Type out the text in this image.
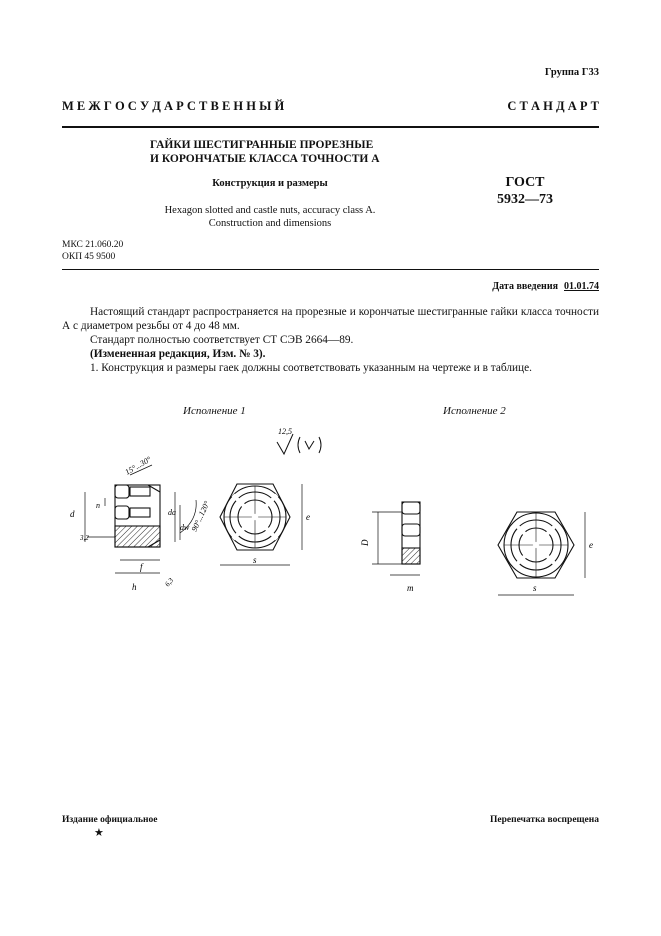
Группа Г33
М Е Ж Г О С У Д А Р С Т В Е Н Н Ы Й	С Т А Н Д А Р Т
ГАЙКИ ШЕСТИГРАННЫЕ ПРОРЕЗНЫЕ
И КОРОНЧАТЫЕ КЛАССА ТОЧНОСТИ А
Конструкция и размеры
Hexagon slotted and castle nuts, accuracy class A.
Construction and dimensions
ГОСТ
5932—73
МКС 21.060.20
ОКП 45 9500
Дата введения 01.01.74

Настоящий стандарт распространяется на прорезные и корончатые шестигранные гайки класса точности А с диаметром резьбы от 4 до 48 мм.

Стандарт полностью соответствует СТ СЭВ 2664—89.

(Измененная редакция, Изм. № 3).

1. Конструкция и размеры гаек должны соответствовать указанным на чертеже и в таблице.

Исполнение 1	Исполнение 2
12,5
d
n
3,2
da
dw
15°...30°
90°...120°
f
h	6,3
s
e
D
m	s
e
Издание официальное	Перепечатка воспрещена
★
